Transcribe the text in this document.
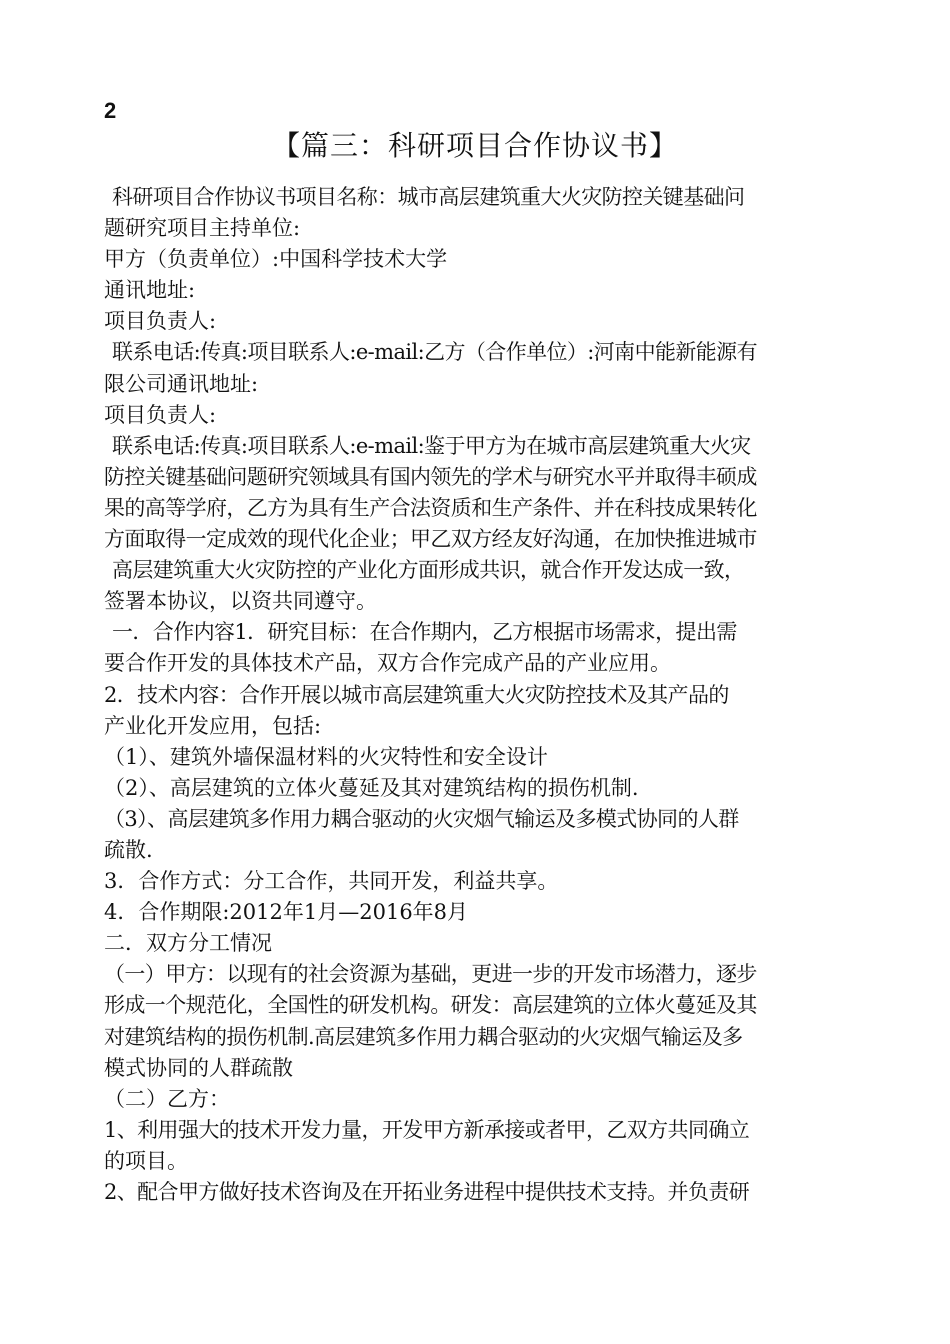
2
【篇三：科研项目合作协议书】

科研项目合作协议书项目名称：城市高层建筑重大火灾防控关键基础问

题研究项目主持单位:

甲方（负责单位）:中国科学技术大学

通讯地址:

项目负责人:

联系电话:传真:项目联系人:e-mail:乙方（合作单位）:河南中能新能源有

限公司通讯地址:

项目负责人:

联系电话:传真:项目联系人:e-mail:鉴于甲方为在城市高层建筑重大火灾

防控关键基础问题研究领域具有国内领先的学术与研究水平并取得丰硕成

果的高等学府，乙方为具有生产合法资质和生产条件、并在科技成果转化

方面取得一定成效的现代化企业；甲乙双方经友好沟通，在加快推进城市

高层建筑重大火灾防控的产业化方面形成共识，就合作开发达成一致，

签署本协议，以资共同遵守。

一．合作内容1．研究目标：在合作期内，乙方根据市场需求，提出需

要合作开发的具体技术产品，双方合作完成产品的产业应用。

2．技术内容：合作开展以城市高层建筑重大火灾防控技术及其产品的

产业化开发应用，包括:

（1）、建筑外墙保温材料的火灾特性和安全设计

（2）、高层建筑的立体火蔓延及其对建筑结构的损伤机制.

（3）、高层建筑多作用力耦合驱动的火灾烟气输运及多模式协同的人群

疏散.

3．合作方式：分工合作，共同开发，利益共享。

4．合作期限:2012年1月—2016年8月

二．双方分工情况

（一）甲方：以现有的社会资源为基础，更进一步的开发市场潜力，逐步

形成一个规范化，全国性的研发机构。研发：高层建筑的立体火蔓延及其

对建筑结构的损伤机制.高层建筑多作用力耦合驱动的火灾烟气输运及多

模式协同的人群疏散

（二）乙方：

1、利用强大的技术开发力量，开发甲方新承接或者甲，乙双方共同确立

的项目。

2、配合甲方做好技术咨询及在开拓业务进程中提供技术支持。并负责研
